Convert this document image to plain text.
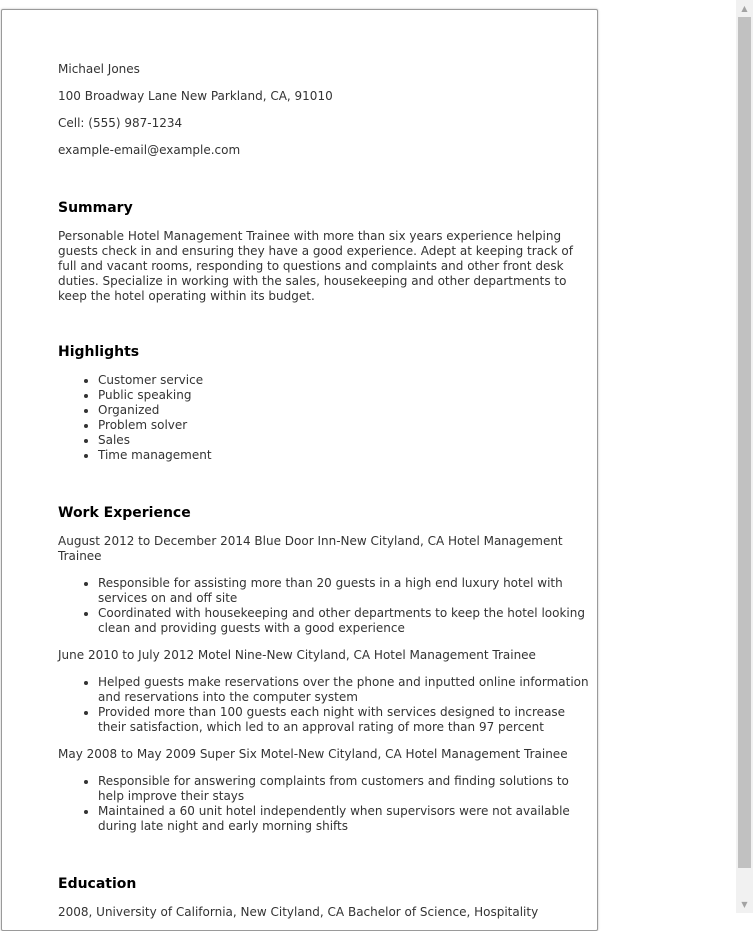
Michael Jones

100 Broadway Lane New Parkland, CA, 91010

Cell: (555) 987-1234

example-email@example.com

Summary

Personable Hotel Management Trainee with more than six years experience helping guests check in and ensuring they have a good experience. Adept at keeping track of full and vacant rooms, responding to questions and complaints and other front desk duties. Specialize in working with the sales, housekeeping and other departments to keep the hotel operating within its budget.

Highlights
• Customer service
• Public speaking
• Organized
• Problem solver
• Sales
• Time management
Work Experience

August 2012 to December 2014 Blue Door Inn-New Cityland, CA Hotel Management Trainee

• Responsible for assisting more than 20 guests in a high end luxury hotel with services on and off site
• Coordinated with housekeeping and other departments to keep the hotel looking clean and providing guests with a good experience

June 2010 to July 2012 Motel Nine-New Cityland, CA Hotel Management Trainee

• Helped guests make reservations over the phone and inputted online information and reservations into the computer system
• Provided more than 100 guests each night with services designed to increase their satisfaction, which led to an approval rating of more than 97 percent

May 2008 to May 2009 Super Six Motel-New Cityland, CA Hotel Management Trainee

• Responsible for answering complaints from customers and finding solutions to help improve their stays
• Maintained a 60 unit hotel independently when supervisors were not available during late night and early morning shifts
Education

2008, University of California, New Cityland, CA Bachelor of Science, Hospitality

▲
▼
